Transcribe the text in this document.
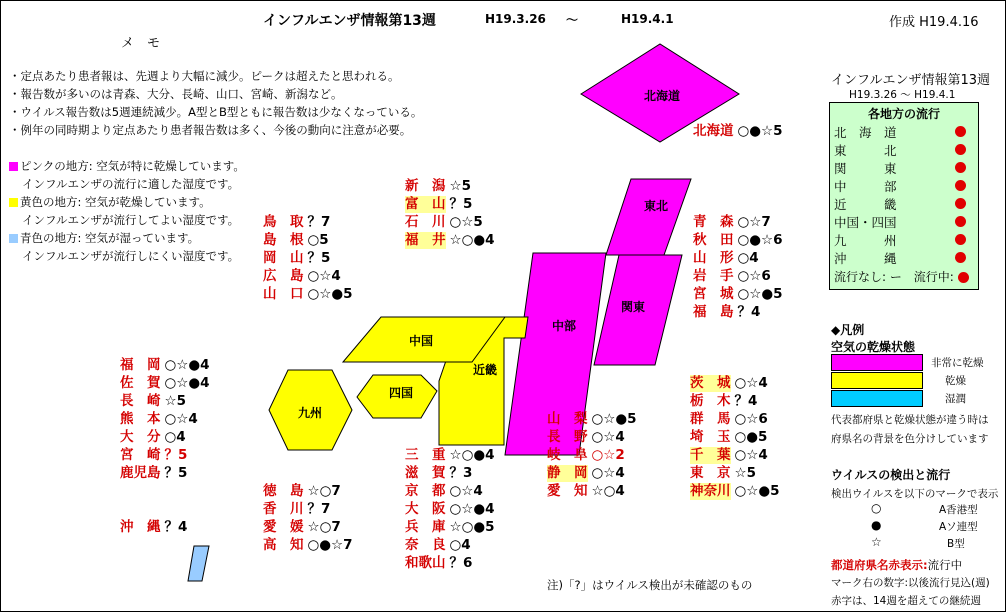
インフルエンザ情報第13週	H19.3.26 ～	H19.4.1	作成 H19.4.16
メ　モ
・定点あたり患者報は、先週より大幅に減少。ピークは超えたと思われる。
・報告数が多いのは青森、大分、長崎、山口、宮崎、新潟など。
・ウイルス報告数は5週連続減少。A型とB型ともに報告数は少なくなっている。
・例年の同時期より定点あたり患者報告数は多く、今後の動向に注意が必要。
ピンクの地方: 空気が特に乾燥しています。
インフルエンザの流行に適した湿度です。
黄色の地方: 空気が乾燥しています。
インフルエンザが流行してよい湿度です。
青色の地方: 空気が湿っています。
インフルエンザが流行しにくい湿度です。
北海道
東北
関東
中部
近畿
中国
四国
九州
北海道 ○●☆5
青　森 ○☆7
秋　田 ○●☆6
山　形 ○4
岩　手 ○☆6
宮　城 ○☆●5
福　島 ？4
新　潟 ☆5
富　山 ？5
石　川 ○☆5
福　井 ☆○●4
鳥　取 ？7
島　根 ○5
岡　山 ？5
広　島 ○☆4
山　口 ○☆●5
福　岡 ○☆●4
佐　賀 ○☆●4
長　崎 ☆5
熊　本 ○☆4
大　分 ○4
宮　崎 ？5
鹿児島 ？5
沖　縄 ？4
茨　城 ○☆4
栃　木 ？4
群　馬 ○☆6
埼　玉 ○●5
千　葉 ○☆4
東　京 ☆5
神奈川 ○☆●5
山　梨 ○☆●5
長　野 ○☆4
岐　阜 ○☆2
静　岡 ○☆4
愛　知 ☆○4
三　重 ☆○●4
滋　賀 ？3
京　都 ○☆4
大　阪 ○☆●4
兵　庫 ☆○●5
奈　良 ○4
和歌山 ？6
徳　島 ☆○7
香　川 ？7
愛　媛 ☆○7
高　知 ○●☆7
注)「?」はウイルス検出が未確認のもの
インフルエンザ情報第13週
H19.3.26 ～ H19.4.1
各地方の流行
北　海　道
東　　　北
関　　　東
中　　　部
近　　　畿
中国・四国
九　　　州
沖　　　縄
流行なし: ー 流行中:
◆凡例
空気の乾燥状態
非常に乾燥
乾燥
湿潤
代表都府県と乾燥状態が違う時は
府県名の背景を色分けしています
ウイルスの検出と流行
検出ウイルスを以下のマークで表示
○	A香港型
●	Aソ連型
☆	B型
都道府県名赤表示:流行中
マーク右の数字:以後流行見込(週)
赤字は、14週を超えての継続週
